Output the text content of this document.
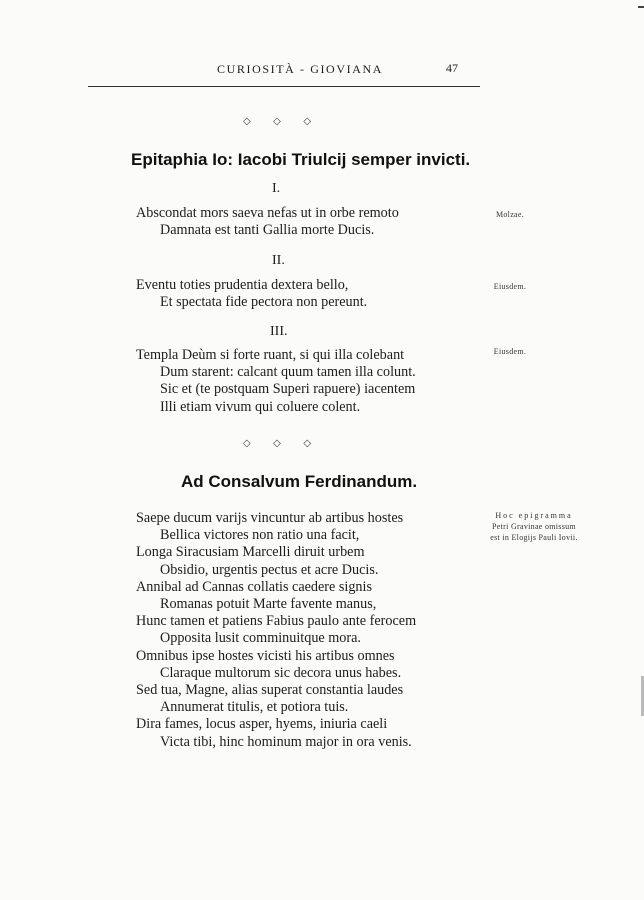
CURIOSITÀ - GIOVIANA	47
◇ ◇ ◇
Epitaphia Io: Iacobi Triulcij semper invicti.
I.
Molzae.
Abscondat mors saeva nefas ut in orbe remoto
Damnata est tanti Gallia morte Ducis.
II.
Eiusdem.
Eventu toties prudentia dextera bello,
Et spectata fide pectora non pereunt.
III.
Eiusdem.
Templa Deùm si forte ruant, si qui illa colebant
Dum starent: calcant quum tamen illa colunt.
Sic et (te postquam Superi rapuere) iacentem
Illi etiam vivum qui coluere colent.
◇ ◇ ◇
Ad Consalvum Ferdinandum.
Hoc epigramma
Petri Gravinae omissum
est in Elogijs Pauli Iovii.
Saepe ducum varijs vincuntur ab artibus hostes
Bellica victores non ratio una facit,
Longa Siracusiam Marcelli diruit urbem
Obsidio, urgentis pectus et acre Ducis.
Annibal ad Cannas collatis caedere signis
Romanas potuit Marte favente manus,
Hunc tamen et patiens Fabius paulo ante ferocem
Opposita lusit comminuitque mora.
Omnibus ipse hostes vicisti his artibus omnes
Claraque multorum sic decora unus habes.
Sed tua, Magne, alias superat constantia laudes
Annumerat titulis, et potiora tuis.
Dira fames, locus asper, hyems, iniuria caeli
Victa tibi, hinc hominum major in ora venis.
